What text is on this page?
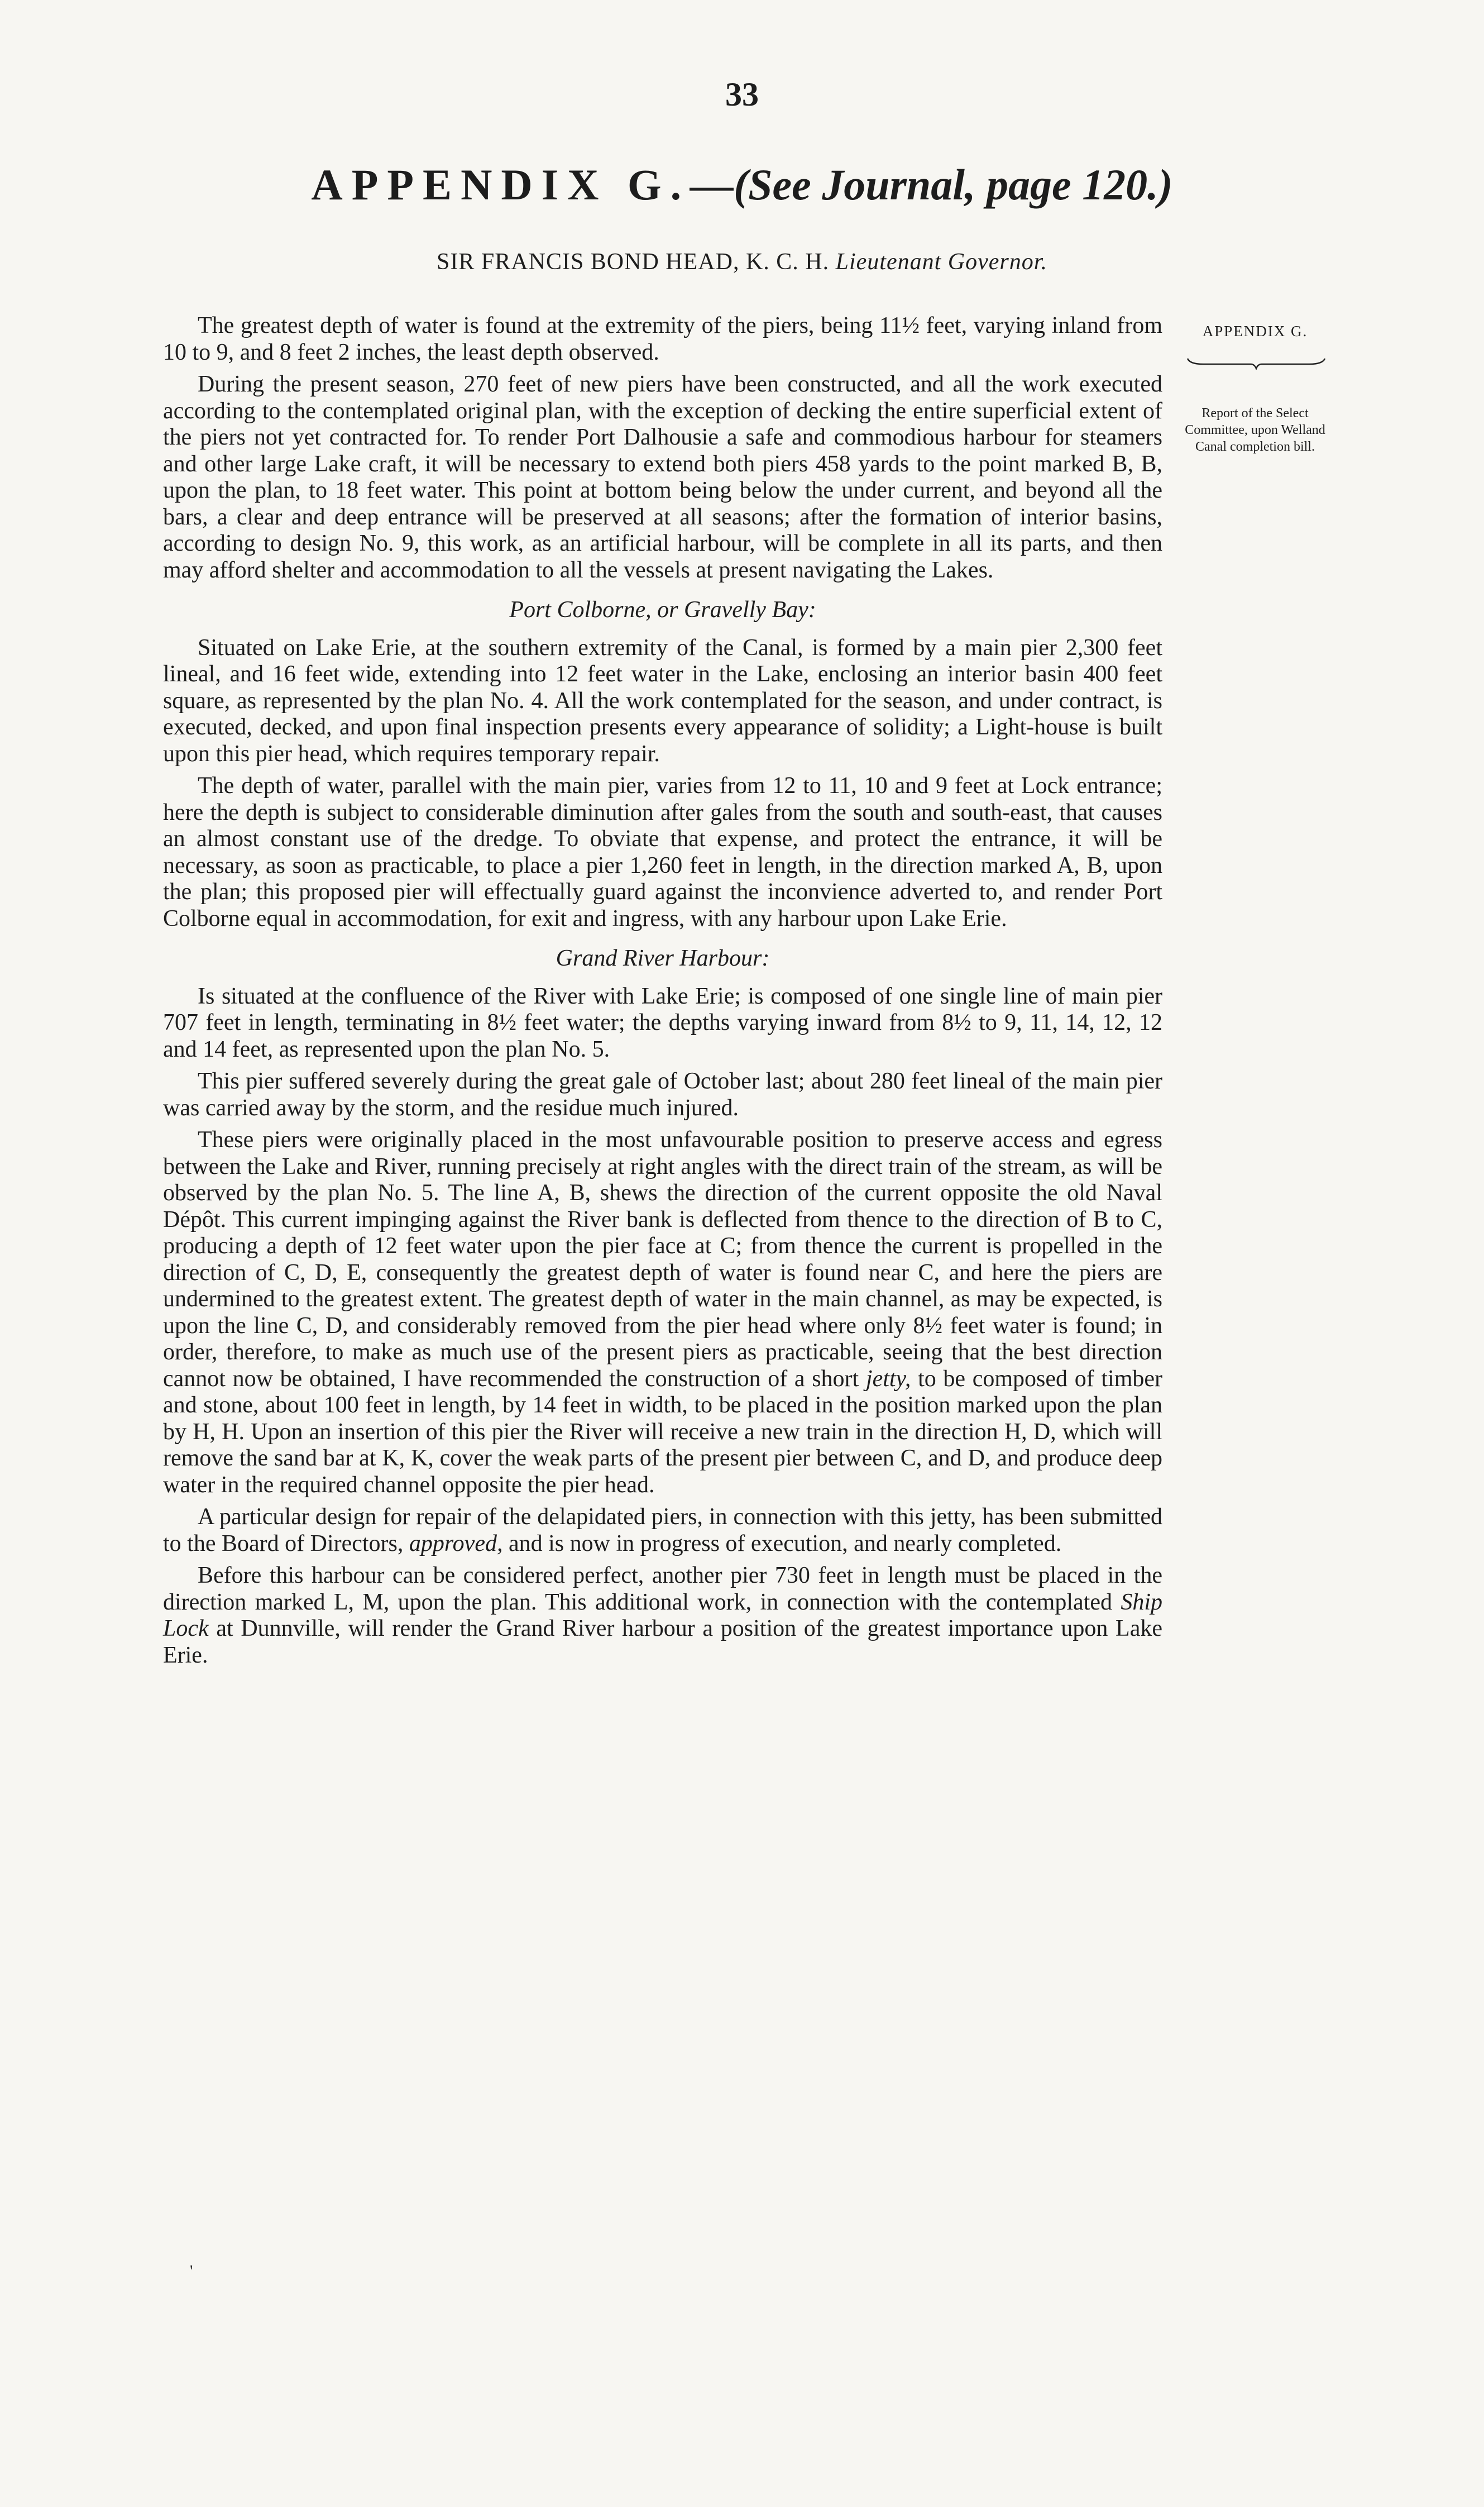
33
APPENDIX G.—(See Journal, page 120.)
SIR FRANCIS BOND HEAD, K. C. H. Lieutenant Governor.
APPENDIX G.
Report of the Select Committee, upon Welland Canal completion bill.

The greatest depth of water is found at the extremity of the piers, being 11½ feet, varying inland from 10 to 9, and 8 feet 2 inches, the least depth observed.

During the present season, 270 feet of new piers have been constructed, and all the work executed according to the contemplated original plan, with the exception of decking the entire superficial extent of the piers not yet contracted for. To render Port Dalhousie a safe and commodious harbour for steamers and other large Lake craft, it will be necessary to extend both piers 458 yards to the point marked B, B, upon the plan, to 18 feet water. This point at bottom being below the under current, and beyond all the bars, a clear and deep entrance will be preserved at all seasons; after the formation of interior basins, according to design No. 9, this work, as an artificial harbour, will be complete in all its parts, and then may afford shelter and accommodation to all the vessels at present navigating the Lakes.

Port Colborne, or Gravelly Bay:

Situated on Lake Erie, at the southern extremity of the Canal, is formed by a main pier 2,300 feet lineal, and 16 feet wide, extending into 12 feet water in the Lake, enclosing an interior basin 400 feet square, as represented by the plan No. 4. All the work contemplated for the season, and under contract, is executed, decked, and upon final inspection presents every appearance of solidity; a Light-house is built upon this pier head, which requires temporary repair.

The depth of water, parallel with the main pier, varies from 12 to 11, 10 and 9 feet at Lock entrance; here the depth is subject to considerable diminution after gales from the south and south-east, that causes an almost constant use of the dredge. To obviate that expense, and protect the entrance, it will be necessary, as soon as practicable, to place a pier 1,260 feet in length, in the direction marked A, B, upon the plan; this proposed pier will effectually guard against the inconvience adverted to, and render Port Colborne equal in accommodation, for exit and ingress, with any harbour upon Lake Erie.

Grand River Harbour:

Is situated at the confluence of the River with Lake Erie; is composed of one single line of main pier 707 feet in length, terminating in 8½ feet water; the depths varying inward from 8½ to 9, 11, 14, 12, 12 and 14 feet, as represented upon the plan No. 5.

This pier suffered severely during the great gale of October last; about 280 feet lineal of the main pier was carried away by the storm, and the residue much injured.

These piers were originally placed in the most unfavourable position to preserve access and egress between the Lake and River, running precisely at right angles with the direct train of the stream, as will be observed by the plan No. 5. The line A, B, shews the direction of the current opposite the old Naval Dépôt. This current impinging against the River bank is deflected from thence to the direction of B to C, producing a depth of 12 feet water upon the pier face at C; from thence the current is propelled in the direction of C, D, E, consequently the greatest depth of water is found near C, and here the piers are undermined to the greatest extent. The greatest depth of water in the main channel, as may be expected, is upon the line C, D, and considerably removed from the pier head where only 8½ feet water is found; in order, therefore, to make as much use of the present piers as practicable, seeing that the best direction cannot now be obtained, I have recommended the construction of a short jetty, to be composed of timber and stone, about 100 feet in length, by 14 feet in width, to be placed in the position marked upon the plan by H, H. Upon an insertion of this pier the River will receive a new train in the direction H, D, which will remove the sand bar at K, K, cover the weak parts of the present pier between C, and D, and produce deep water in the required channel opposite the pier head.

A particular design for repair of the delapidated piers, in connection with this jetty, has been submitted to the Board of Directors, approved, and is now in progress of execution, and nearly completed.

Before this harbour can be considered perfect, another pier 730 feet in length must be placed in the direction marked L, M, upon the plan. This additional work, in connection with the contemplated Ship Lock at Dunnville, will render the Grand River harbour a position of the greatest importance upon Lake Erie.

'
